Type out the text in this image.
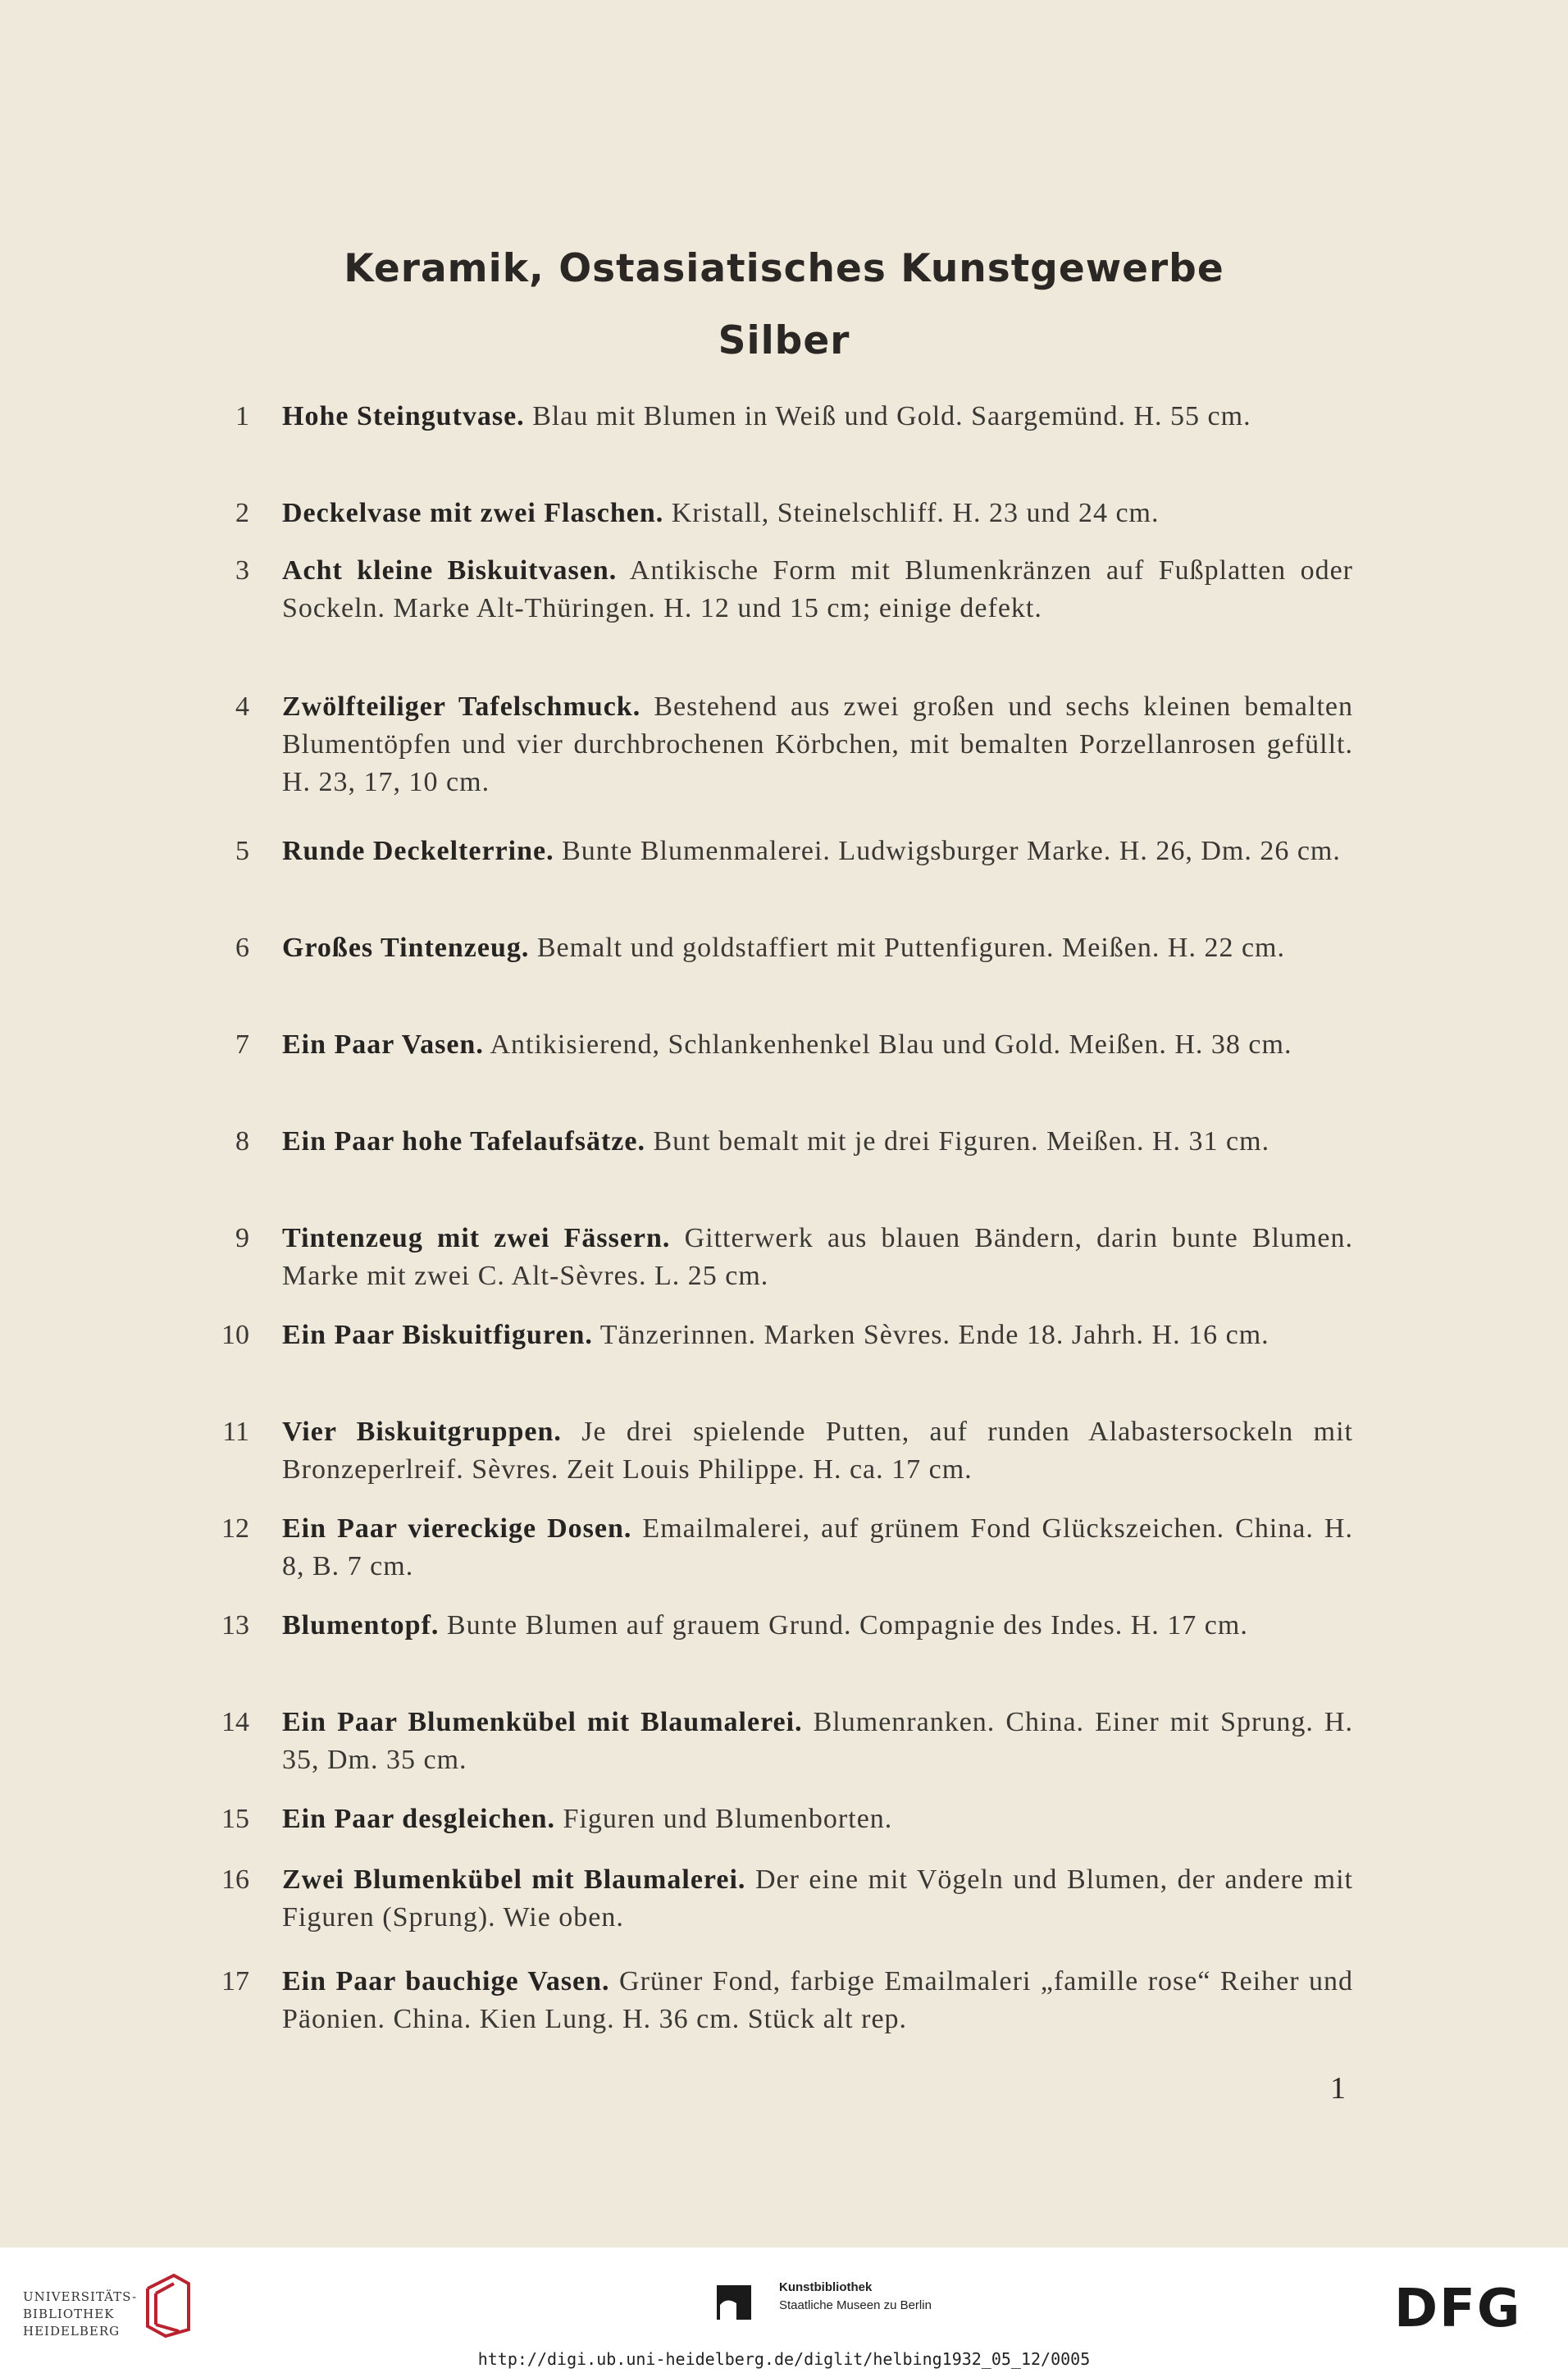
Keramik, Ostasiatisches Kunstgewerbe
Silber
1 Hohe Steingutvase. Blau mit Blumen in Weiß und Gold. Saargemünd. H. 55 cm.
2 Deckelvase mit zwei Flaschen. Kristall, Steinelschliff. H. 23 und 24 cm.
3 Acht kleine Biskuitvasen. Antikische Form mit Blumenkränzen auf Fußplatten oder Sockeln. Marke Alt-Thüringen. H. 12 und 15 cm; einige defekt.
4 Zwölfteiliger Tafelschmuck. Bestehend aus zwei großen und sechs kleinen bemalten Blumentöpfen und vier durchbrochenen Körbchen, mit bemalten Porzellanrosen gefüllt. H. 23, 17, 10 cm.
5 Runde Deckelterrine. Bunte Blumenmalerei. Ludwigsburger Marke. H. 26, Dm. 26 cm.
6 Großes Tintenzeug. Bemalt und goldstaffiert mit Puttenfiguren. Meißen. H. 22 cm.
7 Ein Paar Vasen. Antikisierend, Schlankenhenkel Blau und Gold. Meißen. H. 38 cm.
8 Ein Paar hohe Tafelaufsätze. Bunt bemalt mit je drei Figuren. Meißen. H. 31 cm.
9 Tintenzeug mit zwei Fässern. Gitterwerk aus blauen Bändern, darin bunte Blumen. Marke mit zwei C. Alt-Sèvres. L. 25 cm.
10 Ein Paar Biskuitfiguren. Tänzerinnen. Marken Sèvres. Ende 18. Jahrh. H. 16 cm.
11 Vier Biskuitgruppen. Je drei spielende Putten, auf runden Alabastersockeln mit Bronzeperlreif. Sèvres. Zeit Louis Philippe. H. ca. 17 cm.
12 Ein Paar viereckige Dosen. Emailmalerei, auf grünem Fond Glückszeichen. China. H. 8, B. 7 cm.
13 Blumentopf. Bunte Blumen auf grauem Grund. Compagnie des Indes. H. 17 cm.
14 Ein Paar Blumenkübel mit Blaumalerei. Blumenranken. China. Einer mit Sprung. H. 35, Dm. 35 cm.
15 Ein Paar desgleichen. Figuren und Blumenborten.
16 Zwei Blumenkübel mit Blaumalerei. Der eine mit Vögeln und Blumen, der andere mit Figuren (Sprung). Wie oben.
17 Ein Paar bauchige Vasen. Grüner Fond, farbige Emailmaleri „famille rose“ Reiher und Päonien. China. Kien Lung. H. 36 cm. Stück alt rep.
1
UNIVERSITÄTS-
BIBLIOTHEK
HEIDELBERG
Kunstbibliothek
Staatliche Museen zu Berlin	DFG
http://digi.ub.uni-heidelberg.de/diglit/helbing1932_05_12/0005
